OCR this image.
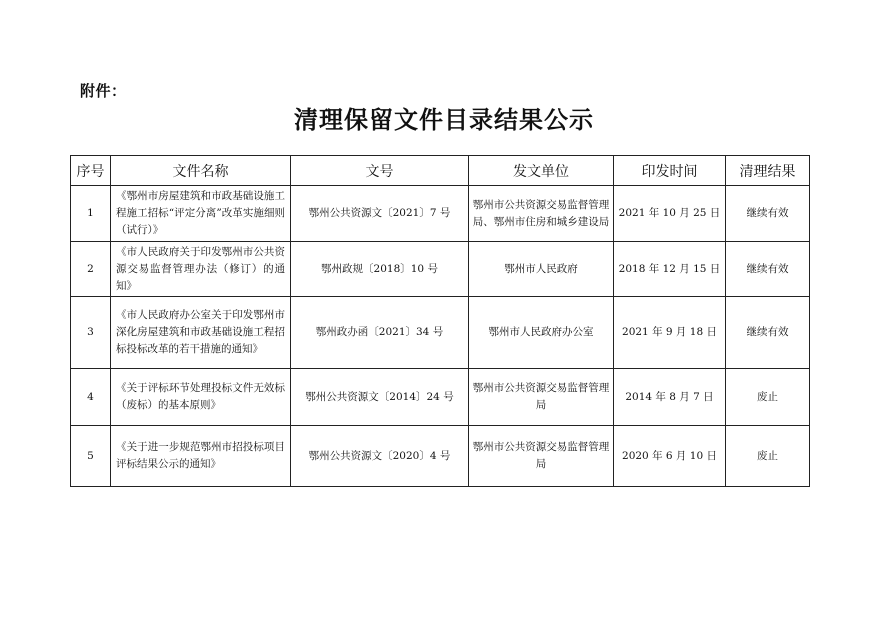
附件：
清理保留文件目录结果公示
序号	文件名称	文号	发文单位	印发时间	清理结果
1	《鄂州市房屋建筑和市政基础设施工程施工招标“评定分离”改革实施细则（试行）》	鄂州公共资源文〔2021〕7 号	鄂州市公共资源交易监督管理局、鄂州市住房和城乡建设局	2021 年 10 月 25 日	继续有效
2	《市人民政府关于印发鄂州市公共资源交易监督管理办法（修订）的通知》	鄂州政规〔2018〕10 号	鄂州市人民政府	2018 年 12 月 15 日	继续有效
3	《市人民政府办公室关于印发鄂州市深化房屋建筑和市政基础设施工程招标投标改革的若干措施的通知》	鄂州政办函〔2021〕34 号	鄂州市人民政府办公室	2021 年 9 月 18 日	继续有效
4	《关于评标环节处理投标文件无效标（废标）的基本原则》	鄂州公共资源文〔2014〕24 号	鄂州市公共资源交易监督管理局	2014 年 8 月 7 日	废止
5	《关于进一步规范鄂州市招投标项目评标结果公示的通知》	鄂州公共资源文〔2020〕4 号	鄂州市公共资源交易监督管理局	2020 年 6 月 10 日	废止
